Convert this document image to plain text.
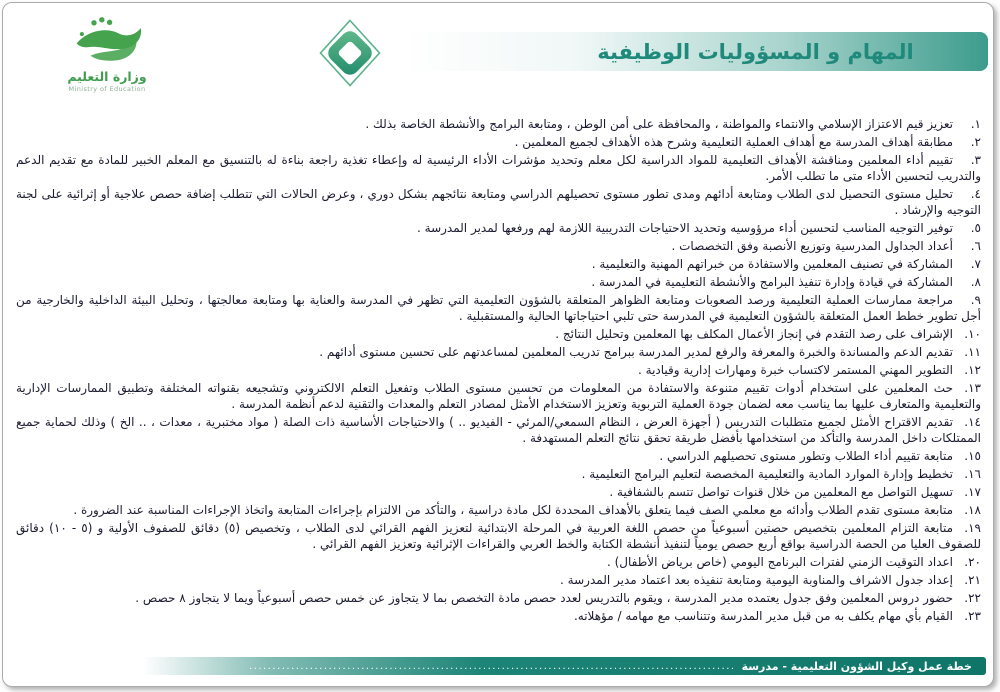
وزارة التعليم
Ministry of Education
المهام و المسؤوليات الوظيفية
١.تعزيز قيم الاعتزاز الإسلامي والانتماء والمواطنة ، والمحافظة على أمن الوطن ، ومتابعة البرامج والأنشطة الخاصة بذلك .
٢.مطابقة أهداف المدرسة مع أهداف العملية التعليمية وشرح هذه الأهداف لجميع المعلمين .
٣.تقييم أداء المعلمين ومناقشة الأهداف التعليمية للمواد الدراسية لكل معلم وتحديد مؤشرات الأداء الرئيسية له وإعطاء تغذية راجعة بناءة له بالتنسيق مع المعلم الخبير للمادة مع تقديم الدعم والتدريب لتحسين الأداء متى ما تطلب الأمر.
٤.تحليل مستوى التحصيل لدى الطلاب ومتابعة أدائهم ومدى تطور مستوى تحصيلهم الدراسي ومتابعة نتائجهم بشكل دوري ، وعرض الحالات التي تتطلب إضافة حصص علاجية أو إثرائية على لجنة التوجيه والإرشاد .
٥.توفير التوجيه المناسب لتحسين أداء مرؤوسيه وتحديد الاحتياجات التدريبية اللازمة لهم ورفعها لمدير المدرسة .
٦.أعداد الجداول المدرسية وتوزيع الأنصبة وفق التخصصات .
٧.المشاركة في تصنيف المعلمين والاستفادة من خبراتهم المهنية والتعليمية .
٨.المشاركة في قيادة وإدارة تنفيذ البرامج والأنشطة التعليمية في المدرسة .
٩.مراجعة ممارسات العملية التعليمية ورصد الصعوبات ومتابعة الظواهر المتعلقة بالشؤون التعليمية التي تظهر في المدرسة والعناية بها ومتابعة معالجتها ، وتحليل البيئة الداخلية والخارجية من أجل تطوير خطط العمل المتعلقة بالشؤون التعليمية في المدرسة حتى تلبي احتياجاتها الحالية والمستقبلية .
١٠.الإشراف على رصد التقدم في إنجاز الأعمال المكلف بها المعلمين وتحليل النتائج .
١١.تقديم الدعم والمساندة والخبرة والمعرفة والرفع لمدير المدرسة ببرامج تدريب المعلمين لمساعدتهم على تحسين مستوى أدائهم .
١٢.التطوير المهني المستمر لاكتساب خبرة ومهارات إدارية وقيادية .
١٣.حث المعلمين على استخدام أدوات تقييم متنوعة والاستفادة من المعلومات من تحسين مستوى الطلاب وتفعيل التعلم الالكتروني وتشجيعه بقنواته المختلفة وتطبيق الممارسات الإدارية والتعليمية والمتعارف عليها بما يناسب معه لضمان جودة العملية التربوية وتعزيز الاستخدام الأمثل لمصادر التعلم والمعدات والتقنية لدعم أنظمة المدرسة .
١٤.تقديم الاقتراح الأمثل لجميع متطلبات التدريس ( أجهزة العرض ، النظام السمعي/المرئي - الفيديو .. ) والاحتياجات الأساسية ذات الصلة ( مواد مختبرية ، معدات ، .. الخ ) وذلك لحماية جميع الممتلكات داخل المدرسة والتأكد من استخدامها بأفضل طريقة تحقق نتائج التعلم المستهدفة .
١٥.متابعة تقييم أداء الطلاب وتطور مستوى تحصيلهم الدراسي .
١٦.تخطيط وإدارة الموارد المادية والتعليمية المخصصة لتعليم البرامج التعليمية .
١٧.تسهيل التواصل مع المعلمين من خلال قنوات تواصل تتسم بالشفافية .
١٨.متابعة مستوى تقدم الطلاب وأدائه مع معلمي الصف فيما يتعلق بالأهداف المحددة لكل مادة دراسية ، والتأكد من الالتزام بإجراءات المتابعة واتخاذ الإجراءات المناسبة عند الضرورة .
١٩.متابعة التزام المعلمين بتخصيص حصتين أسبوعياً من حصص اللغة العربية في المرحلة الابتدائية لتعزيز الفهم القرائي لدى الطلاب ، وتخصيص (٥) دقائق للصفوف الأولية و (٥ - ١٠) دقائق للصفوف العليا من الحصة الدراسية بواقع أربع حصص يومياً لتنفيذ أنشطة الكتابة والخط العربي والقراءات الإثرائية وتعزيز الفهم القرائي .
٢٠.اعداد التوقيت الزمني لفترات البرنامج اليومي (خاص برياض الأطفال) .
٢١.إعداد جدول الاشراف والمناوبة اليومية ومتابعة تنفيذه بعد اعتماد مدير المدرسة .
٢٢.حضور دروس المعلمين وفق جدول يعتمده مدير المدرسة ، ويقوم بالتدريس لعدد حصص مادة التخصص بما لا يتجاوز عن خمس حصص أسبوعياً ويما لا يتجاوز ٨ حصص .
٢٣.القيام بأي مهام يكلف به من قبل مدير المدرسة وتتناسب مع مهامه / مؤهلاته.
خطة عمل وكيل الشؤون التعليمية - مدرسة
........................................................................................................
